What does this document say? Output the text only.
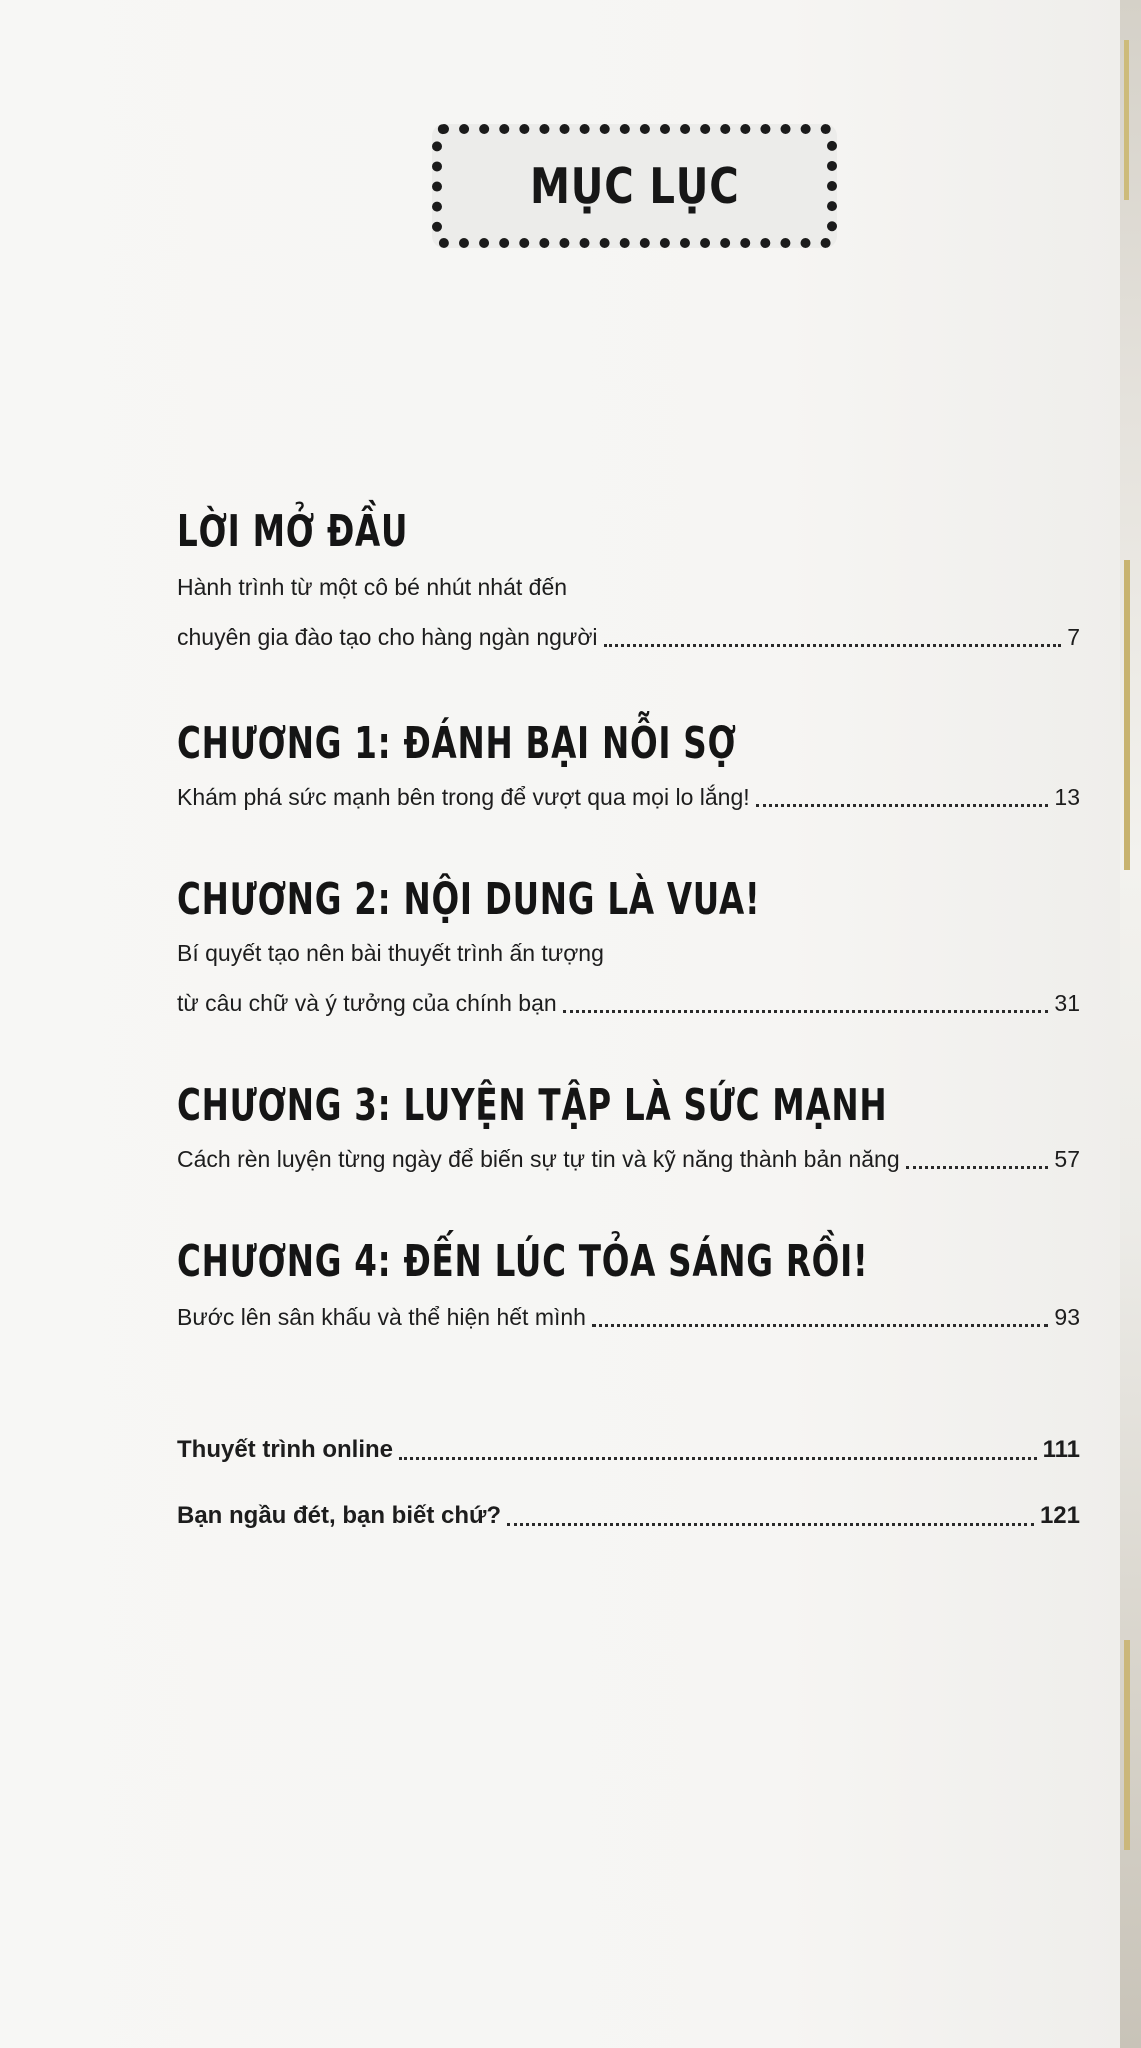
MỤC LỤC
LỜI MỞ ĐẦU
Hành trình từ một cô bé nhút nhát đến
chuyên gia đào tạo cho hàng ngàn người	7
CHƯƠNG 1: ĐÁNH BẠI NỖI SỢ
Khám phá sức mạnh bên trong để vượt qua mọi lo lắng!	13
CHƯƠNG 2: NỘI DUNG LÀ VUA!
Bí quyết tạo nên bài thuyết trình ấn tượng
từ câu chữ và ý tưởng của chính bạn	31
CHƯƠNG 3: LUYỆN TẬP LÀ SỨC MẠNH
Cách rèn luyện từng ngày để biến sự tự tin và kỹ năng thành bản năng	57
CHƯƠNG 4: ĐẾN LÚC TỎA SÁNG RỒI!
Bước lên sân khấu và thể hiện hết mình	93
Thuyết trình online	111
Bạn ngầu đét, bạn biết chứ?	121
